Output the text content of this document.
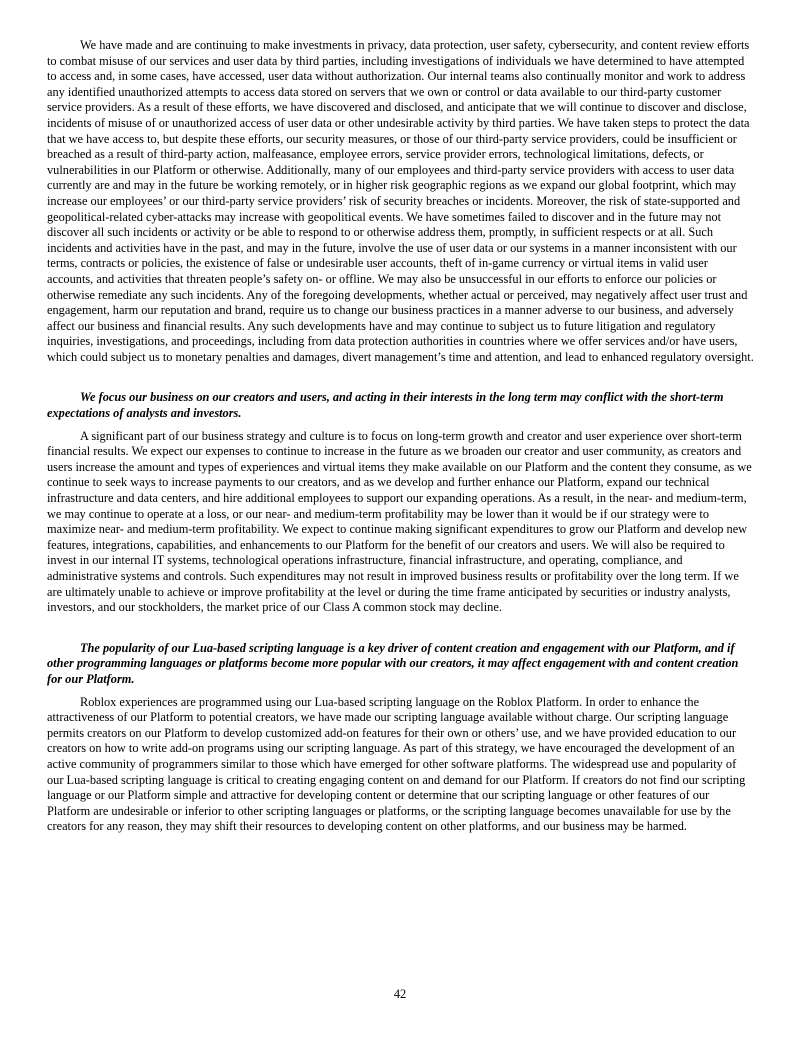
We have made and are continuing to make investments in privacy, data protection, user safety, cybersecurity, and content review efforts to combat misuse of our services and user data by third parties, including investigations of individuals we have determined to have attempted to access and, in some cases, have accessed, user data without authorization. Our internal teams also continually monitor and work to address any identified unauthorized attempts to access data stored on servers that we own or control or data available to our third-party customer service providers. As a result of these efforts, we have discovered and disclosed, and anticipate that we will continue to discover and disclose, incidents of misuse of or unauthorized access of user data or other undesirable activity by third parties. We have taken steps to protect the data that we have access to, but despite these efforts, our security measures, or those of our third-party service providers, could be insufficient or breached as a result of third-party action, malfeasance, employee errors, service provider errors, technological limitations, defects, or vulnerabilities in our Platform or otherwise. Additionally, many of our employees and third-party service providers with access to user data currently are and may in the future be working remotely, or in higher risk geographic regions as we expand our global footprint, which may increase our employees’ or our third-party service providers’ risk of security breaches or incidents. Moreover, the risk of state-supported and geopolitical-related cyber-attacks may increase with geopolitical events. We have sometimes failed to discover and in the future may not discover all such incidents or activity or be able to respond to or otherwise address them, promptly, in sufficient respects or at all. Such incidents and activities have in the past, and may in the future, involve the use of user data or our systems in a manner inconsistent with our terms, contracts or policies, the existence of false or undesirable user accounts, theft of in-game currency or virtual items in valid user accounts, and activities that threaten people’s safety on- or offline. We may also be unsuccessful in our efforts to enforce our policies or otherwise remediate any such incidents. Any of the foregoing developments, whether actual or perceived, may negatively affect user trust and engagement, harm our reputation and brand, require us to change our business practices in a manner adverse to our business, and adversely affect our business and financial results. Any such developments have and may continue to subject us to future litigation and regulatory inquiries, investigations, and proceedings, including from data protection authorities in countries where we offer services and/or have users, which could subject us to monetary penalties and damages, divert management’s time and attention, and lead to enhanced regulatory oversight.

We focus our business on our creators and users, and acting in their interests in the long term may conflict with the short-term expectations of analysts and investors.

A significant part of our business strategy and culture is to focus on long-term growth and creator and user experience over short-term financial results. We expect our expenses to continue to increase in the future as we broaden our creator and user community, as creators and users increase the amount and types of experiences and virtual items they make available on our Platform and the content they consume, as we continue to seek ways to increase payments to our creators, and as we develop and further enhance our Platform, expand our technical infrastructure and data centers, and hire additional employees to support our expanding operations. As a result, in the near- and medium-term, we may continue to operate at a loss, or our near- and medium-term profitability may be lower than it would be if our strategy were to maximize near- and medium-term profitability. We expect to continue making significant expenditures to grow our Platform and develop new features, integrations, capabilities, and enhancements to our Platform for the benefit of our creators and users. We will also be required to invest in our internal IT systems, technological operations infrastructure, financial infrastructure, and operating, compliance, and administrative systems and controls. Such expenditures may not result in improved business results or profitability over the long term. If we are ultimately unable to achieve or improve profitability at the level or during the time frame anticipated by securities or industry analysts, investors, and our stockholders, the market price of our Class A common stock may decline.

The popularity of our Lua-based scripting language is a key driver of content creation and engagement with our Platform, and if other programming languages or platforms become more popular with our creators, it may affect engagement with and content creation for our Platform.

Roblox experiences are programmed using our Lua-based scripting language on the Roblox Platform. In order to enhance the attractiveness of our Platform to potential creators, we have made our scripting language available without charge. Our scripting language permits creators on our Platform to develop customized add-on features for their own or others’ use, and we have provided education to our creators on how to write add-on programs using our scripting language. As part of this strategy, we have encouraged the development of an active community of programmers similar to those which have emerged for other software platforms. The widespread use and popularity of our Lua-based scripting language is critical to creating engaging content on and demand for our Platform. If creators do not find our scripting language or our Platform simple and attractive for developing content or determine that our scripting language or other features of our Platform are undesirable or inferior to other scripting languages or platforms, or the scripting language becomes unavailable for use by the creators for any reason, they may shift their resources to developing content on other platforms, and our business may be harmed.

42
